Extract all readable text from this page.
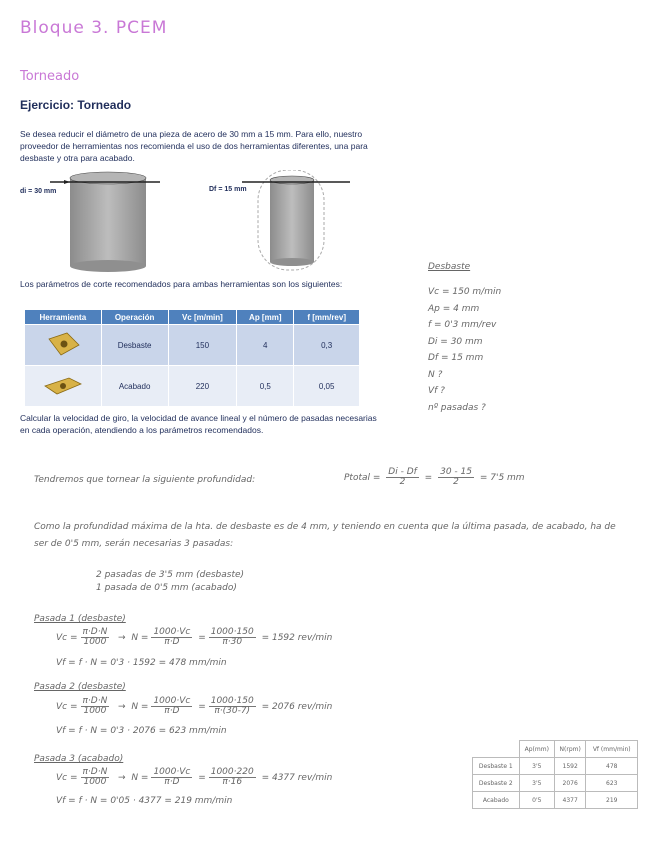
Bloque 3. PCEM
Torneado
Ejercicio: Torneado
Se desea reducir el diámetro de una pieza de acero de 30 mm a 15 mm. Para ello, nuestro proveedor de herramientas nos recomienda el uso de dos herramientas diferentes, una para desbaste y otra para acabado.
di = 30 mm	Df = 15 mm
Los parámetros de corte recomendados para ambas herramientas son los siguientes:
Herramienta	Operación	Vc [m/min]	Ap [mm]	f [mm/rev]
	Desbaste	150	4	0,3
	Acabado	220	0,5	0,05
Calcular la velocidad de giro, la velocidad de avance lineal y el número de pasadas necesarias en cada operación, atendiendo a los parámetros recomendados.
Desbaste
Vc = 150 m/min
Ap = 4 mm
f = 0'3 mm/rev
Di = 30 mm
Df = 15 mm
N ?
Vf ?
nº pasadas ?
Tendremos que tornear la siguiente profundidad:	Ptotal = $\frac{Di - Df}{2} = \frac{30 - 15}{2} = 7'5$ mm
Como la profundidad máxima de la hta. de desbaste es de 4 mm, y teniendo en cuenta que la última pasada, de acabado, ha de ser de 0'5 mm, serán necesarias 3 pasadas:
2 pasadas de 3'5 mm (desbaste)
1 pasada de 0'5 mm (acabado)
Pasada 1 (desbaste)
$Vc = \frac{\pi\cdot D\cdot N}{1000} \to N = \frac{1000\cdot Vc}{\pi\cdot D} = \frac{1000\cdot 150}{\pi\cdot 30} = 1592$ rev/min
Vf = f · N = 0'3 · 1592 = 478 mm/min
Pasada 2 (desbaste)
$Vc = \frac{\pi\cdot D\cdot N}{1000} \to N = \frac{1000\cdot Vc}{\pi\cdot D} = \frac{1000\cdot 150}{\pi\cdot(30-7)} = 2076$ rev/min
Vf = f · N = 0'3 · 2076 = 623 mm/min
Pasada 3 (acabado)
$Vc = \frac{\pi\cdot D\cdot N}{1000} \to N = \frac{1000\cdot Vc}{\pi\cdot D} = \frac{1000\cdot 220}{\pi\cdot 16} = 4377$ rev/min
Vf = f · N = 0'05 · 4377 = 219 mm/min
	Ap(mm)	N(rpm)	Vf (mm/min)
Desbaste 1	3'5	1592	478
Desbaste 2	3'5	2076	623
Acabado	0'5	4377	219
